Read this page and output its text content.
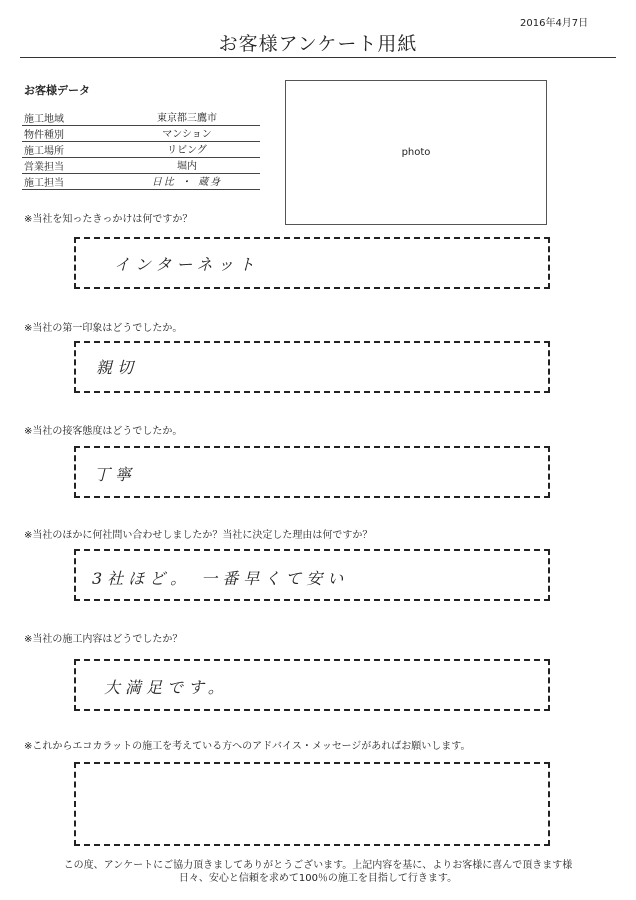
2016年4月7日
お客様アンケート用紙
お客様データ
施工地域	東京都三鷹市
物件種別	マンション
施工場所	リビング
営業担当	堀内
施工担当	日比 ・ 蔵身
photo
※当社を知ったきっかけは何ですか？
インターネット
※当社の第一印象はどうでしたか。
親切
※当社の接客態度はどうでしたか。
丁寧
※当社のほかに何社問い合わせしましたか？当社に決定した理由は何ですか？
3社ほど。 一番早くて安い
※当社の施工内容はどうでしたか？
大満足です。
※これからエコカラットの施工を考えている方へのアドバイス・メッセージがあればお願いします。
この度、アンケートにご協力頂きましてありがとうございます。上記内容を基に、よりお客様に喜んで頂きます様
日々、安心と信頼を求めて100％の施工を目指して行きます。
